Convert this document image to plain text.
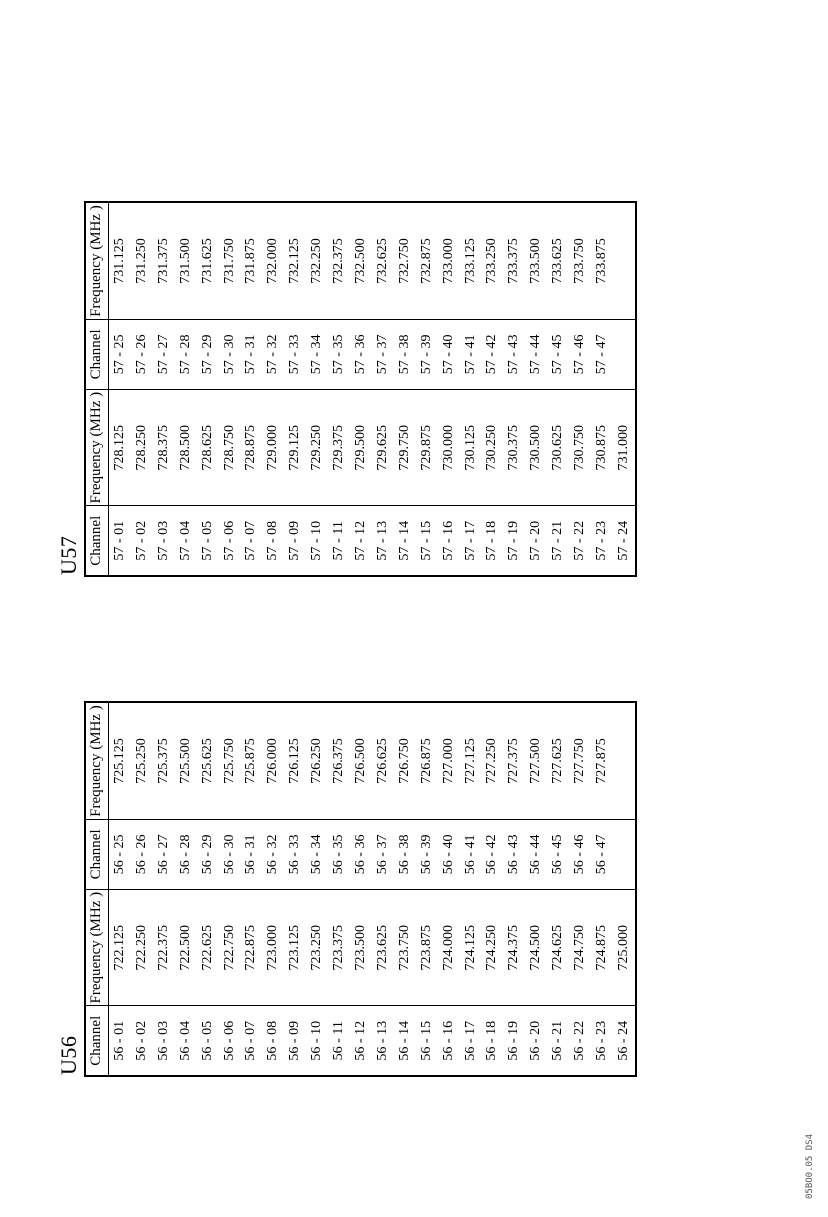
U56 Channel	Frequency (MHz )	Channel	Frequency (MHz )
56 - 01	722.125	56 - 25	725.125
56 - 02	722.250	56 - 26	725.250
56 - 03	722.375	56 - 27	725.375
56 - 04	722.500	56 - 28	725.500
56 - 05	722.625	56 - 29	725.625
56 - 06	722.750	56 - 30	725.750
56 - 07	722.875	56 - 31	725.875
56 - 08	723.000	56 - 32	726.000
56 - 09	723.125	56 - 33	726.125
56 - 10	723.250	56 - 34	726.250
56 - 11	723.375	56 - 35	726.375
56 - 12	723.500	56 - 36	726.500
56 - 13	723.625	56 - 37	726.625
56 - 14	723.750	56 - 38	726.750
56 - 15	723.875	56 - 39	726.875
56 - 16	724.000	56 - 40	727.000
56 - 17	724.125	56 - 41	727.125
56 - 18	724.250	56 - 42	727.250
56 - 19	724.375	56 - 43	727.375
56 - 20	724.500	56 - 44	727.500
56 - 21	724.625	56 - 45	727.625
56 - 22	724.750	56 - 46	727.750
56 - 23	724.875	56 - 47	727.875
56 - 24	725.000		
U57 Channel	Frequency (MHz )	Channel	Frequency (MHz )
57 - 01	728.125	57 - 25	731.125
57 - 02	728.250	57 - 26	731.250
57 - 03	728.375	57 - 27	731.375
57 - 04	728.500	57 - 28	731.500
57 - 05	728.625	57 - 29	731.625
57 - 06	728.750	57 - 30	731.750
57 - 07	728.875	57 - 31	731.875
57 - 08	729.000	57 - 32	732.000
57 - 09	729.125	57 - 33	732.125
57 - 10	729.250	57 - 34	732.250
57 - 11	729.375	57 - 35	732.375
57 - 12	729.500	57 - 36	732.500
57 - 13	729.625	57 - 37	732.625
57 - 14	729.750	57 - 38	732.750
57 - 15	729.875	57 - 39	732.875
57 - 16	730.000	57 - 40	733.000
57 - 17	730.125	57 - 41	733.125
57 - 18	730.250	57 - 42	733.250
57 - 19	730.375	57 - 43	733.375
57 - 20	730.500	57 - 44	733.500
57 - 21	730.625	57 - 45	733.625
57 - 22	730.750	57 - 46	733.750
57 - 23	730.875	57 - 47	733.875
57 - 24	731.000		
05BO0.05 DS4
